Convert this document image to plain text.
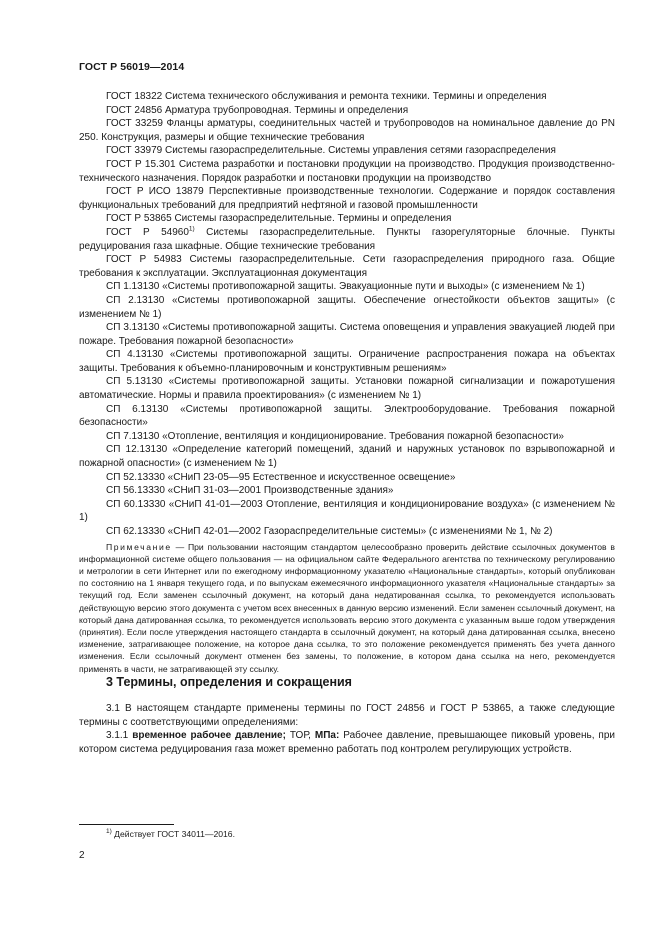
ГОСТ Р 56019—2014

ГОСТ 18322 Система технического обслуживания и ремонта техники. Термины и определения

ГОСТ 24856 Арматура трубопроводная. Термины и определения

ГОСТ 33259 Фланцы арматуры, соединительных частей и трубопроводов на номинальное давление до PN 250. Конструкция, размеры и общие технические требования

ГОСТ 33979 Системы газораспределительные. Системы управления сетями газораспределения

ГОСТ Р 15.301 Система разработки и постановки продукции на производство. Продукция производственно-технического назначения. Порядок разработки и постановки продукции на производство

ГОСТ Р ИСО 13879 Перспективные производственные технологии. Содержание и порядок составления функциональных требований для предприятий нефтяной и газовой промышленности

ГОСТ Р 53865 Системы газораспределительные. Термины и определения

ГОСТ Р 54960$^{1)}$ Системы газораспределительные. Пункты газорегуляторные блочные. Пункты редуцирования газа шкафные. Общие технические требования

ГОСТ Р 54983 Системы газораспределительные. Сети газораспределения природного газа. Общие требования к эксплуатации. Эксплуатационная документация

СП 1.13130 «Системы противопожарной защиты. Эвакуационные пути и выходы» (с изменением № 1)

СП 2.13130 «Системы противопожарной защиты. Обеспечение огнестойкости объектов защиты» (с изменением № 1)

СП 3.13130 «Системы противопожарной защиты. Система оповещения и управления эвакуацией людей при пожаре. Требования пожарной безопасности»

СП 4.13130 «Системы противопожарной защиты. Ограничение распространения пожара на объектах защиты. Требования к объемно-планировочным и конструктивным решениям»

СП 5.13130 «Системы противопожарной защиты. Установки пожарной сигнализации и пожаротушения автоматические. Нормы и правила проектирования» (с изменением № 1)

СП 6.13130 «Системы противопожарной защиты. Электрооборудование. Требования пожарной безопасности»

СП 7.13130 «Отопление, вентиляция и кондиционирование. Требования пожарной безопасности»

СП 12.13130 «Определение категорий помещений, зданий и наружных установок по взрывопожарной и пожарной опасности» (с изменением № 1)

СП 52.13330 «СНиП 23-05—95 Естественное и искусственное освещение»

СП 56.13330 «СНиП 31-03—2001 Производственные здания»

СП 60.13330 «СНиП 41-01—2003 Отопление, вентиляция и кондиционирование воздуха» (с изменением № 1)

СП 62.13330 «СНиП 42-01—2002 Газораспределительные системы» (с изменениями № 1, № 2)

Примечание — При пользовании настоящим стандартом целесообразно проверить действие ссылочных документов в информационной системе общего пользования — на официальном сайте Федерального агентства по техническому регулированию и метрологии в сети Интернет или по ежегодному информационному указателю «Национальные стандарты», который опубликован по состоянию на 1 января текущего года, и по выпускам ежемесячного информационного указателя «Национальные стандарты» за текущий год. Если заменен ссылочный документ, на который дана недатированная ссылка, то рекомендуется использовать действующую версию этого документа с учетом всех внесенных в данную версию изменений. Если заменен ссылочный документ, на который дана датированная ссылка, то рекомендуется использовать версию этого документа с указанным выше годом утверждения (принятия). Если после утверждения настоящего стандарта в ссылочный документ, на который дана датированная ссылка, внесено изменение, затрагивающее положение, на которое дана ссылка, то это положение рекомендуется применять без учета данного изменения. Если ссылочный документ отменен без замены, то положение, в котором дана ссылка на него, рекомендуется применять в части, не затрагивающей эту ссылку.

3 Термины, определения и сокращения

3.1 В настоящем стандарте применены термины по ГОСТ 24856 и ГОСТ Р 53865, а также следующие термины с соответствующими определениями:

3.1.1 временное рабочее давление; ТОР, МПа: Рабочее давление, превышающее пиковый уровень, при котором система редуцирования газа может временно работать под контролем регулирующих устройств.

$^{1)}$ Действует ГОСТ 34011—2016.
2
